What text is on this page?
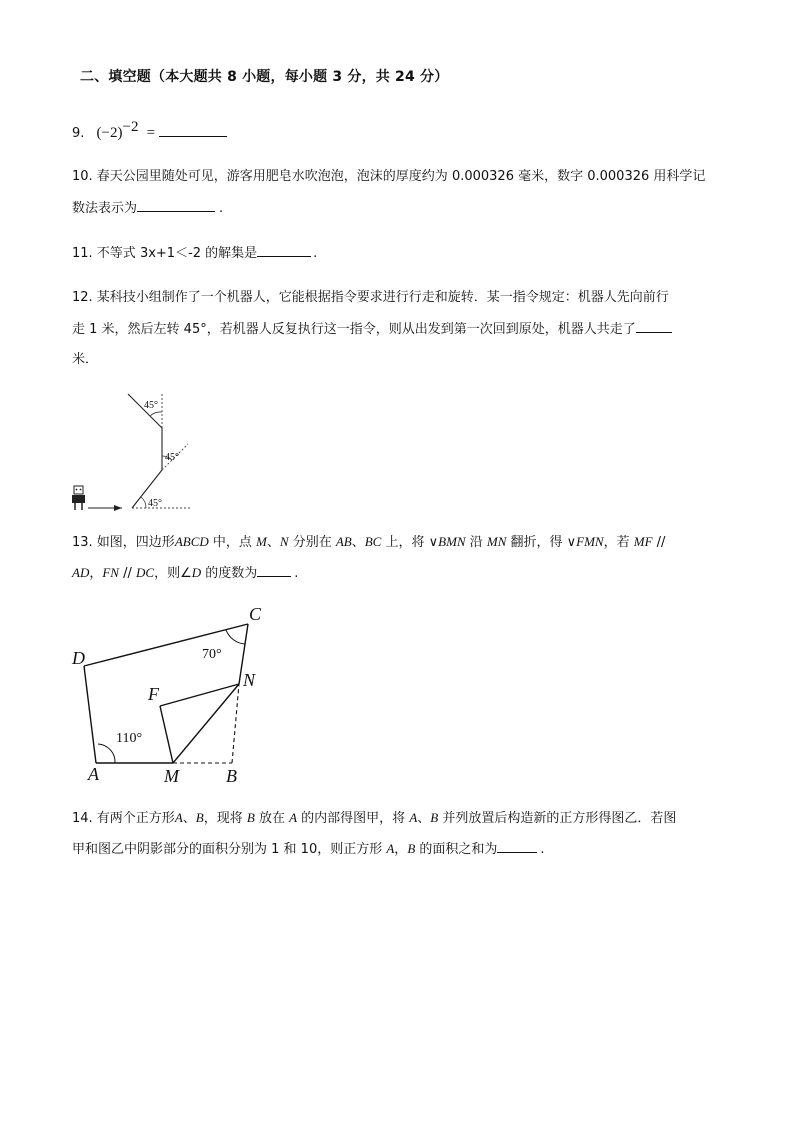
二、填空题（本大题共 8 小题，每小题 3 分，共 24 分）
9. $(-2)^{-2}$ =
10. 春天公园里随处可见，游客用肥皂水吹泡泡，泡沫的厚度约为 0.000326 毫米，数字 0.000326 用科学记
数法表示为	.
11. 不等式 3x+1＜-2 的解集是	.
12. 某科技小组制作了一个机器人，它能根据指令要求进行行走和旋转．某一指令规定：机器人先向前行
走 1 米，然后左转 45°，若机器人反复执行这一指令，则从出发到第一次回到原处，机器人共走了
米．
45°
45°
45°
13. 如图，四边形ABCD 中，点 M、N 分别在 AB、BC 上，将 ∨BMN 沿 MN 翻折，得 ∨FMN，若 MF //
AD，FN // DC，则∠D 的度数为	.
D
C
N
F
A	M	B
110°
70°
14. 有两个正方形A、B，现将 B 放在 A 的内部得图甲，将 A、B 并列放置后构造新的正方形得图乙．若图
甲和图乙中阴影部分的面积分别为 1 和 10，则正方形 A，B 的面积之和为	.
